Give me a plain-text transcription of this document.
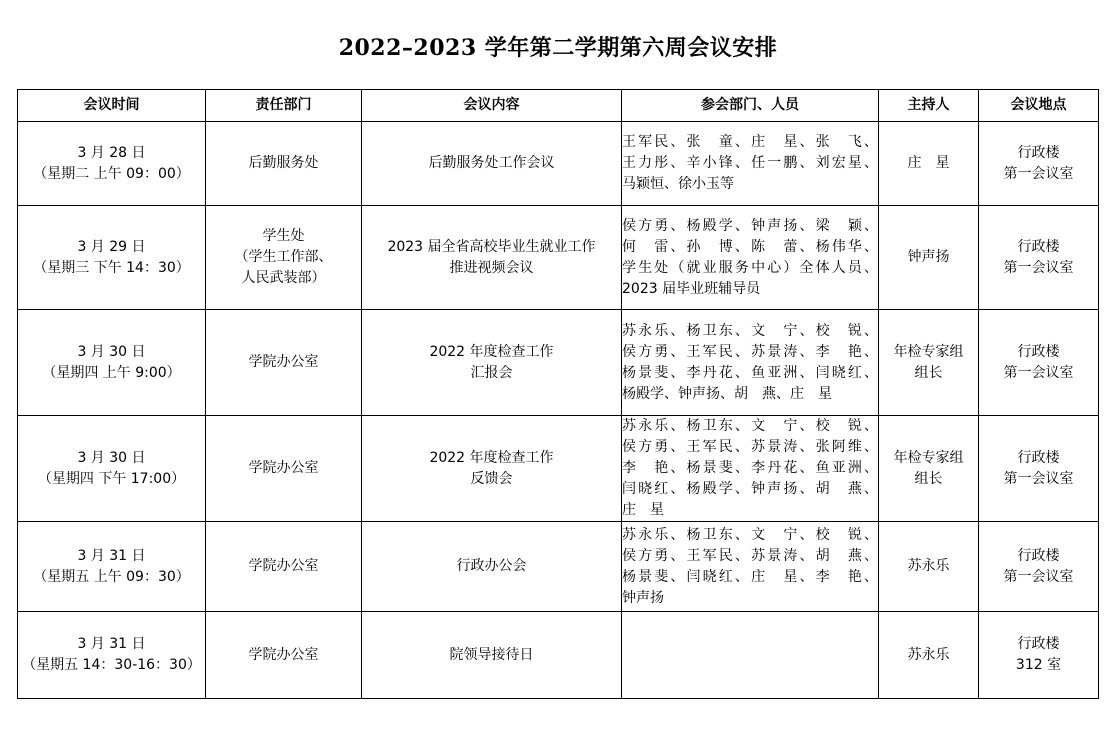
2022–2023 学年第二学期第六周会议安排
会议时间	责任部门	会议内容	参会部门、人员	主持人	会议地点

3 月 28 日
（星期二 上午 09：00）	后勤服务处	后勤服务处工作会议	王军民、张　童、庄　星、张　飞、
王力彤、辛小锋、任一鹏、刘宏星、
马颖恒、徐小玉等	庄　星	行政楼
第一会议室

3 月 29 日
（星期三 下午 14：30）	学生处
（学生工作部、
人民武装部）	2023 届全省高校毕业生就业工作
推进视频会议	侯方勇、杨殿学、钟声扬、梁　颖、
何　雷、孙　博、陈　蕾、杨伟华、
学生处（就业服务中心）全体人员、
2023 届毕业班辅导员	钟声扬	行政楼
第一会议室

3 月 30 日
（星期四 上午 9:00）	学院办公室	2022 年度检查工作
汇报会	苏永乐、杨卫东、文　宁、校　锐、
侯方勇、王军民、苏景涛、李　艳、
杨景斐、李丹花、鱼亚洲、闫晓红、
杨殿学、钟声扬、胡　燕、庄　星	年检专家组
组长	行政楼
第一会议室

3 月 30 日
（星期四 下午 17:00）	学院办公室	2022 年度检查工作
反馈会	苏永乐、杨卫东、文　宁、校　锐、
侯方勇、王军民、苏景涛、张阿维、
李　艳、杨景斐、李丹花、鱼亚洲、
闫晓红、杨殿学、钟声扬、胡　燕、
庄　星	年检专家组
组长	行政楼
第一会议室

3 月 31 日
（星期五 上午 09：30）	学院办公室	行政办公会	苏永乐、杨卫东、文　宁、校　锐、
侯方勇、王军民、苏景涛、胡　燕、
杨景斐、闫晓红、庄　星、李　艳、
钟声扬	苏永乐	行政楼
第一会议室

3 月 31 日
（星期五 14：30-16：30）	学院办公室	院领导接待日		苏永乐	行政楼
312 室
